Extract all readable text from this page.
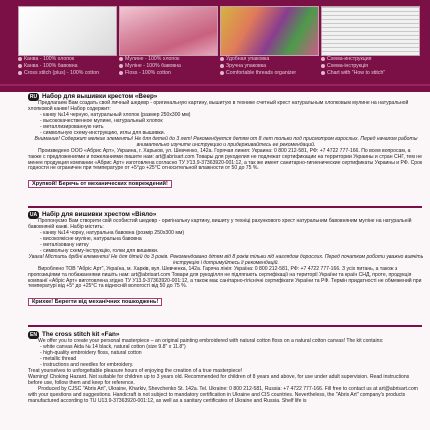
Канва - 100% хлопок	Мулине - 100% хлопок	Удобная упаковка	Схема-инструкция
Канва - 100% бавовна	Муліне - 100% бавовна	Зручна упаковка	Схема-інструкція
Cross stitch (plus) - 100% cotton	Floss - 100% cotton	Comfortable threads organizer	Chart with "How to stitch"
RU Набор для вышивки крестом «Веер»

Предлагаем Вам создать свой личный шедевр - оригинальную картину, вышитую в технике счетный крест натуральным хлопковым мулине на натуральной хлопковой канве! Набор содержит:

- канву №14 черную, натуральный хлопок (размер 250х300 мм)

- высококачественное мулине, натуральный хлопок

- металлизированную нить

- символьную схему-инструкцию, иглы для вышивки.

Внимание! Содержит мелкие элементы! Не для детей до 3 лет! Рекомендуется детям от 8 лет только под присмотром взрослых. Перед началом работы внимательно изучите инструкцию и придерживайтесь ее рекомендаций.

Произведено ООО «Абрис Арт», Украина, г. Харьков, ул. Шевченко, 142а. Горячая линия: Украина: 0 800 212-581, РФ: +7 4722 777-166. По всем вопросам, а также с предложениями и пожеланиями пишите нам: art@abrisart.com Товары для рукоделия не подлежат сертификации на территории Украины и стран СНГ, тем не менее продукция компании «Абрис Арт» изготовлена согласно ТУ У13.9-37363920-001:12, а так же имеет санитарно-гигиенические сертификаты Украины и РФ. Срок годности не ограничен при температуре от +5°до +25°С относительной влажности от 50 до 75 %.

Хрупкой! Беречь от механических повреждений!
UA Набір для вишивки хрестом «Віяло»

Пропонуємо Вам створити свій особистий шедевр - оригінальну картину, вишиту у техніці рахункового хрест натуральним бавовняним муліне на натуральній бавовняній канві. Набір містить:

- канву №14 чорну, натуральна бавовна (розмір 250х300 мм)

- високоякісне муліне, натуральна бавовна

- металізовану нитку

- символьну схему-інструкцію, голки для вишивки.

Увага! Містить дрібні елементи! Не для дітей до 3 років. Рекомендовано дітям від 8 років тільки під наглядом дорослих. Перед початком роботи уважно вивчіть інструкцію і дотримуйтесь її рекомендацій.

Вироблено ТОВ "Абріс Арт", Україна, м. Харків, вул. Шевченка, 142а. Гаряча лінія: Україна: 0 800 212-581, РФ: +7 4722 777-166. З усіх питань, а також з пропозиціями та побажаннями пишіть нам: art@abrisart.com Товари для рукоділля не підлягають сертифікації на території України та країн СНД, проте, продукція компанії «Абріс Арт» виготовлена згідно ТУ У13.9-37363920-001:12, а також має санітарно-гігієнічні сертифікати України та РФ. Термін придатності не обмежений при температурі від +5° до +25°С та відносній вологості від 50 до 75 %.

Крихке! Берегти від механічних пошкоджень!
EN The cross stitch kit «Fan»

We offer you to create your personal masterpiece – an original painting embroidered with natural cotton floss on a natural cotton canvas! The kit contains:

- white canvas Aida № 14 black, natural cotton (size 9.8" x 11.8")

- high-quality embroidery floss, natural cotton

- metallic thread

- instructions and needles for embroidery.

Treat yourselves to unforgettable pleasure hours of enjoying the creation of a true masterpiece!

Warning! Choking Hazard. Not suitable for children up to 3 years old. Recommended for children of 8 years and above, for use under adult supervision. Read instructions before use, follow them and keep for reference.

Produced by CJSC "Abris Art", Ukraine, Kharkiv, Shevchenko St. 142a. Tel. Ukraine: 0 800 212-581, Russia: +7 4722 777-166. Fill free to contact us at art@abrisart.com with your questions and suggestions. Handicraft is not subject to mandatory certification in Ukraine and CIS countries. Nevertheless, the "Abris Art" company's products manufactured according to TU U13.9-37363920-001:12, as well as a sanitary certificates of Ukraine and Russia. Shelf life is
